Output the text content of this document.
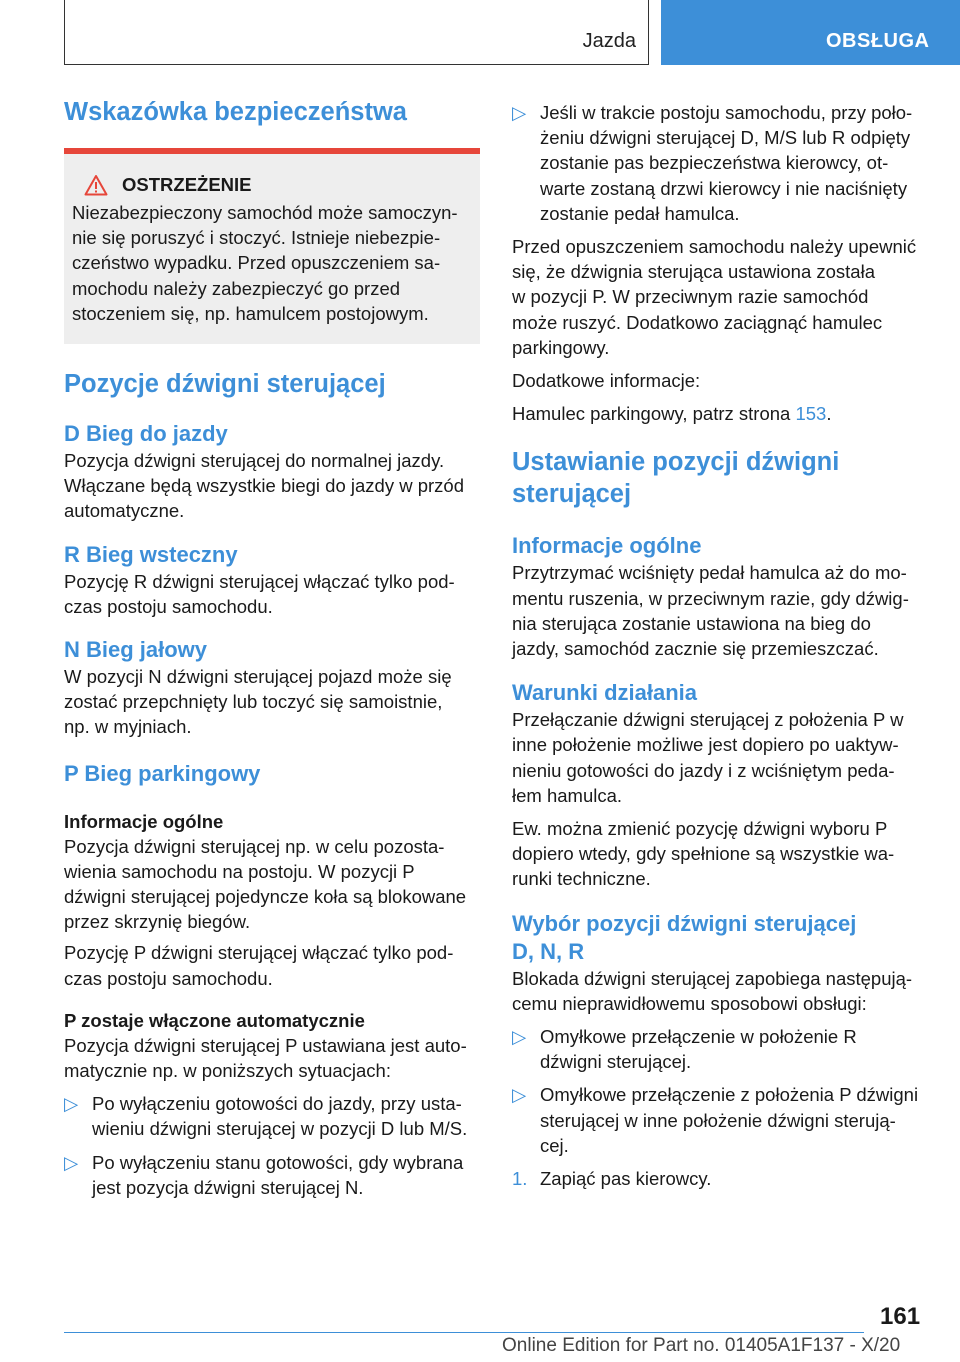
Jazda	OBSŁUGA
Wskazówka bezpieczeństwa
OSTRZEŻENIE

Niezabezpieczony samochód może samoczyn-
nie się poruszyć i stoczyć. Istnieje niebezpie-
czeństwo wypadku. Przed opuszczeniem sa-
mochodu należy zabezpieczyć go przed
stoczeniem się, np. hamulcem postojowym.

Pozycje dźwigni sterującej
D Bieg do jazdy

Pozycja dźwigni sterującej do normalnej jazdy.
Włączane będą wszystkie biegi do jazdy w przód
automatyczne.

R Bieg wsteczny

Pozycję R dźwigni sterującej włączać tylko pod-
czas postoju samochodu.

N Bieg jałowy

W pozycji N dźwigni sterującej pojazd może się
zostać przepchnięty lub toczyć się samoistnie,
np. w myjniach.

P Bieg parkingowy
Informacje ogólne

Pozycja dźwigni sterującej np. w celu pozosta-
wienia samochodu na postoju. W pozycji P
dźwigni sterującej pojedyncze koła są blokowane
przez skrzynię biegów.

Pozycję P dźwigni sterującej włączać tylko pod-
czas postoju samochodu.

P zostaje włączone automatycznie

Pozycja dźwigni sterującej P ustawiana jest auto-
matycznie np. w poniższych sytuacjach:

▷ Po wyłączeniu gotowości do jazdy, przy usta-
wieniu dźwigni sterującej w pozycji D lub M/S.
▷ Po wyłączeniu stanu gotowości, gdy wybrana
jest pozycja dźwigni sterującej N.
▷ Jeśli w trakcie postoju samochodu, przy poło-
żeniu dźwigni sterującej D, M/S lub R odpięty
zostanie pas bezpieczeństwa kierowcy, ot-
warte zostaną drzwi kierowcy i nie naciśnięty
zostanie pedał hamulca.

Przed opuszczeniem samochodu należy upewnić
się, że dźwignia sterująca ustawiona została
w pozycji P. W przeciwnym razie samochód
może ruszyć. Dodatkowo zaciągnąć hamulec
parkingowy.

Dodatkowe informacje:

Hamulec parkingowy, patrz strona 153.

Ustawianie pozycji dźwigni
sterującej
Informacje ogólne

Przytrzymać wciśnięty pedał hamulca aż do mo-
mentu ruszenia, w przeciwnym razie, gdy dźwig-
nia sterująca zostanie ustawiona na bieg do
jazdy, samochód zacznie się przemieszczać.

Warunki działania

Przełączanie dźwigni sterującej z położenia P w
inne położenie możliwe jest dopiero po uaktyw-
nieniu gotowości do jazdy i z wciśniętym peda-
łem hamulca.

Ew. można zmienić pozycję dźwigni wyboru P
dopiero wtedy, gdy spełnione są wszystkie wa-
runki techniczne.

Wybór pozycji dźwigni sterującej
D, N, R

Blokada dźwigni sterującej zapobiega następują-
cemu nieprawidłowemu sposobowi obsługi:

▷ Omyłkowe przełączenie w położenie R
dźwigni sterującej.
▷ Omyłkowe przełączenie z położenia P dźwigni
sterującej w inne położenie dźwigni sterują-
cej.
1. Zapiąć pas kierowcy.
161
Online Edition for Part no. 01405A1F137 - X/20
